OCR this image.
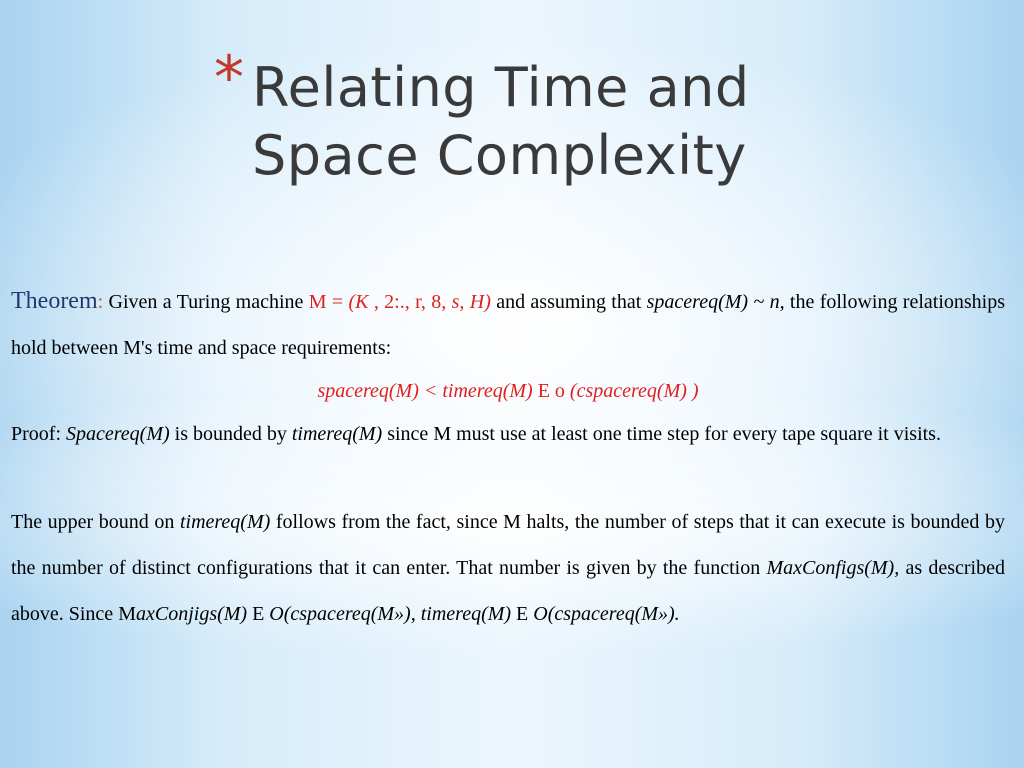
* Relating Time and
Space Complexity

Theorem: Given a Turing machine M = (K , 2:., r, 8, s, H) and assuming that spacereq(M) ~ n, the following relationships hold between M's time and space requirements:

spacereq(M) < timereq(M) E o (cspacereq(M) )

Proof: Spacereq(M) is bounded by timereq(M) since M must use at least one time step for every tape square it visits.

The upper bound on timereq(M) follows from the fact, since M halts, the number of steps that it can execute is bounded by the number of distinct configurations that it can enter. That number is given by the function MaxConfigs(M), as described above. Since MaxConjigs(M) E O(cspacereq(M»), timereq(M) E O(cspacereq(M»).
